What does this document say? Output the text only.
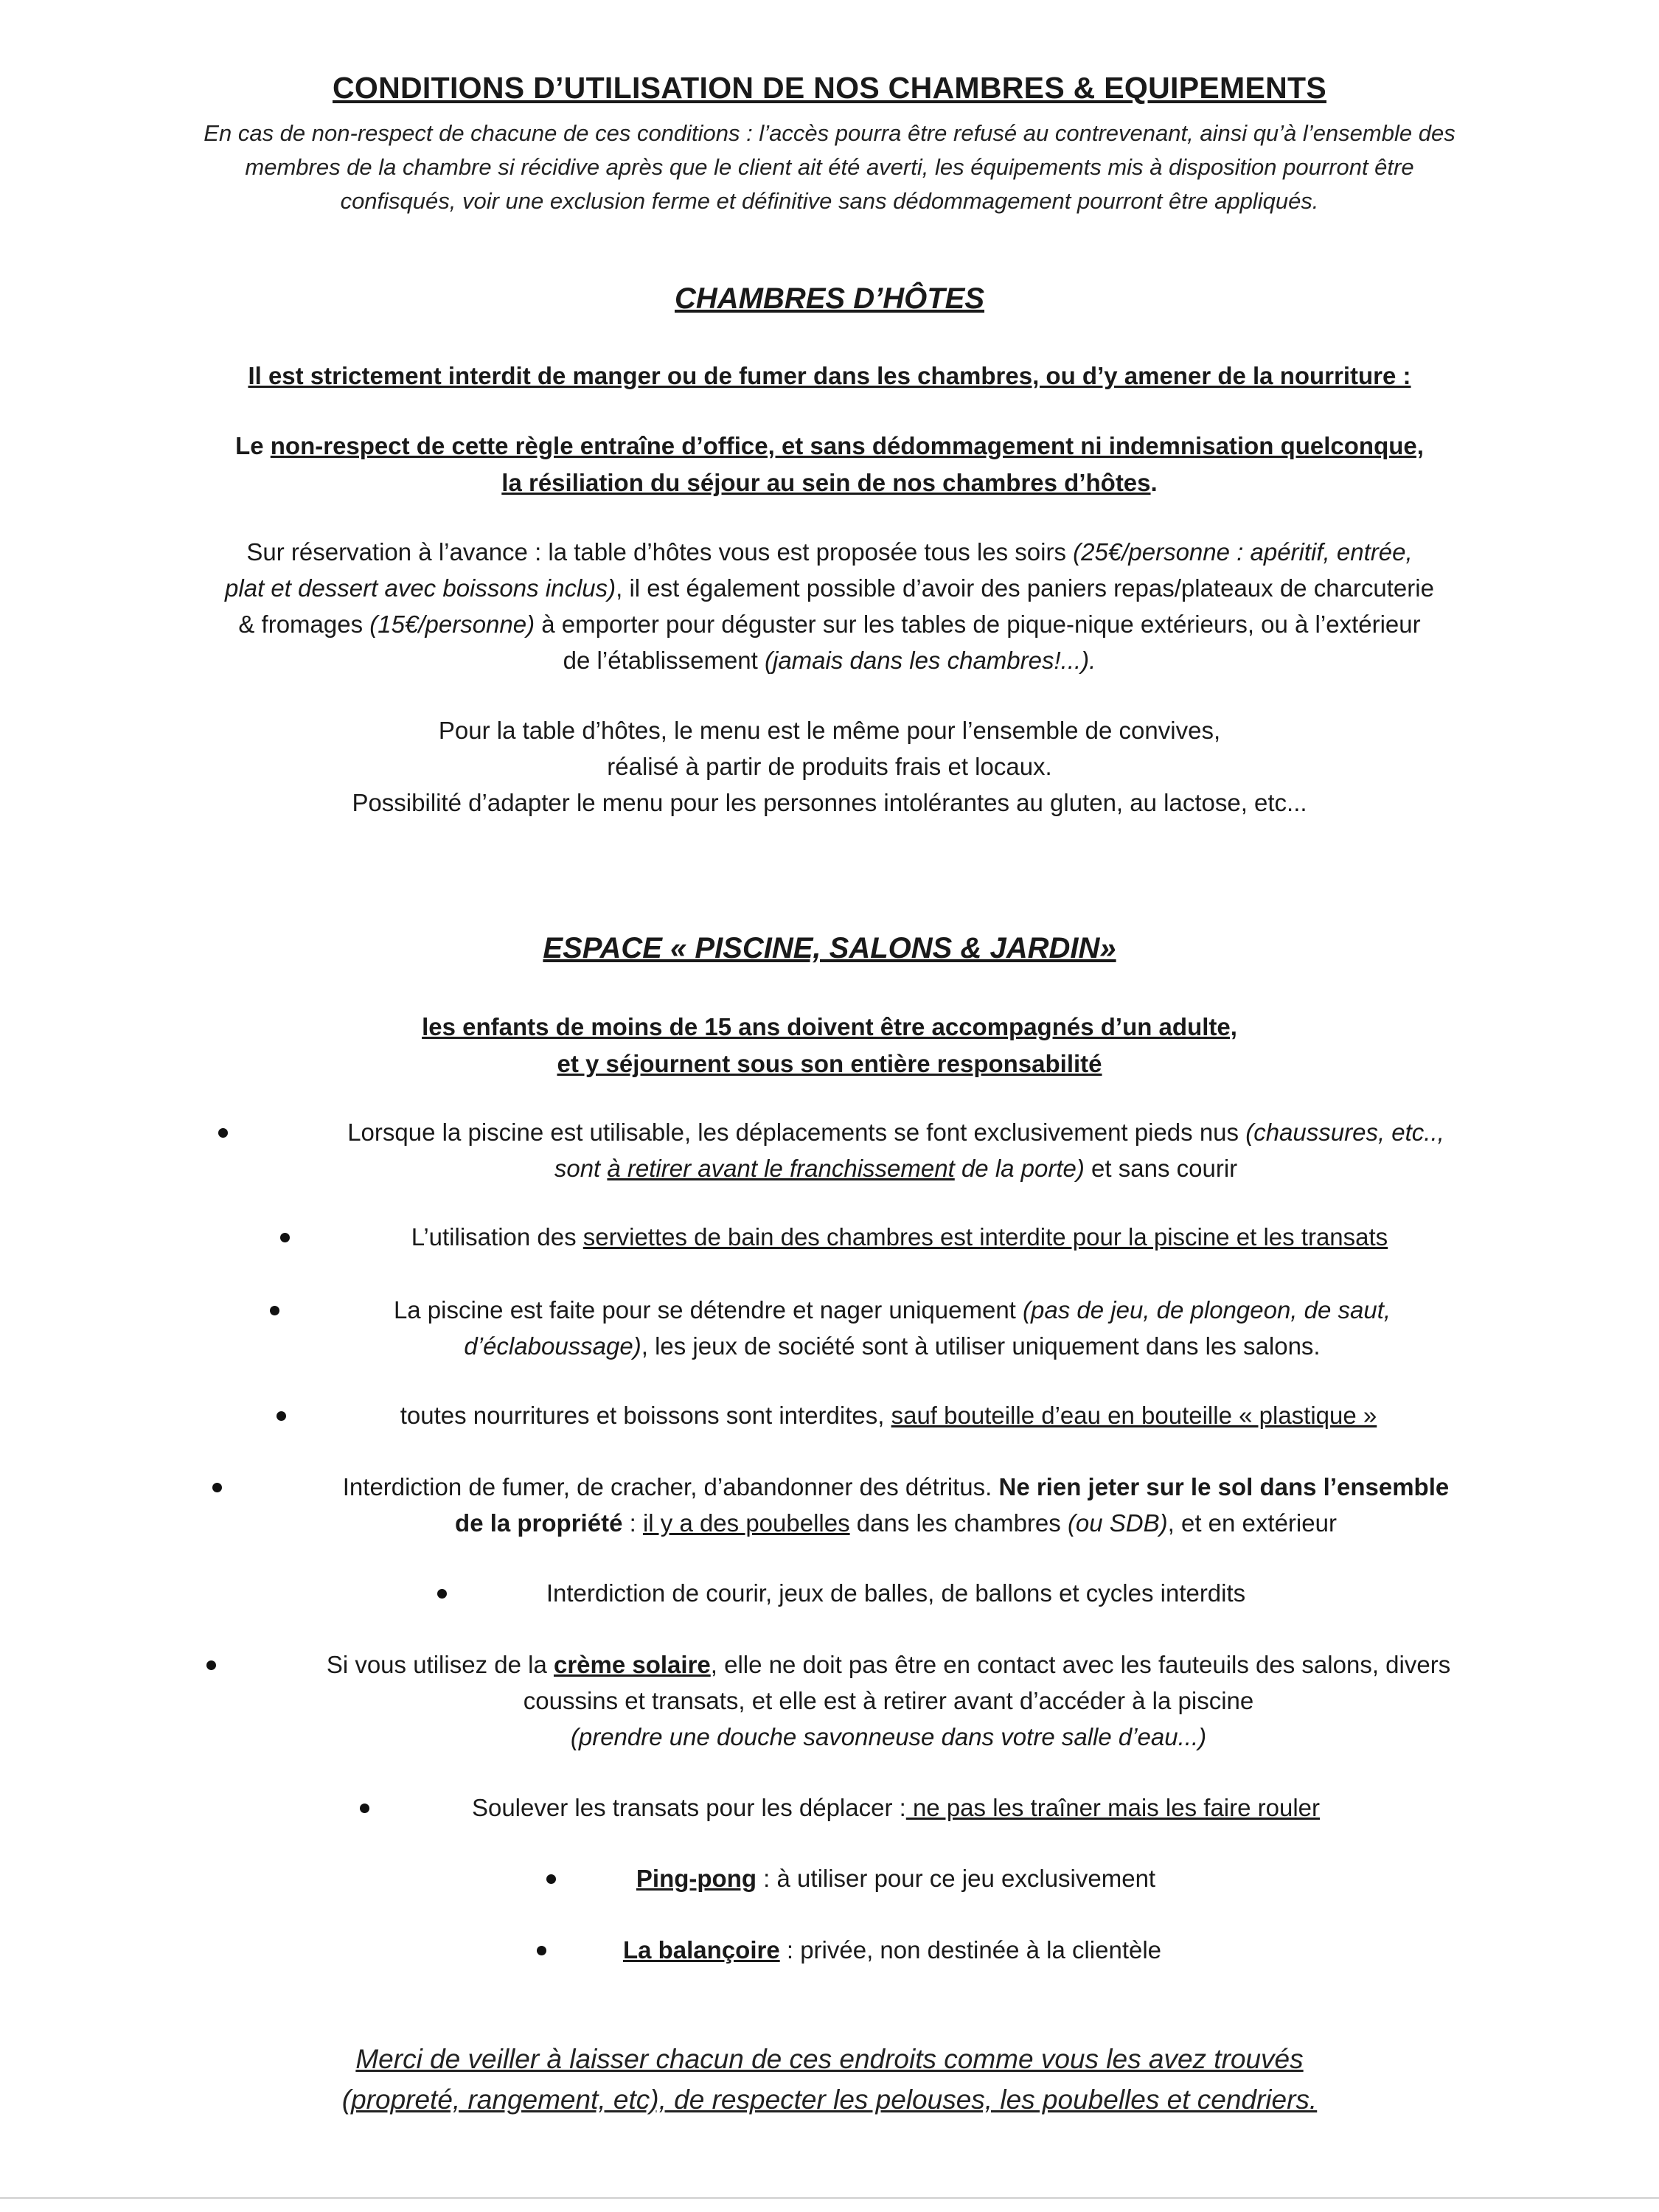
CONDITIONS D’UTILISATION DE NOS CHAMBRES & EQUIPEMENTS
En cas de non-respect de chacune de ces conditions : l’accès pourra être refusé au contrevenant, ainsi qu’à l’ensemble des
membres de la chambre si récidive après que le client ait été averti, les équipements mis à disposition pourront être
confisqués, voir une exclusion ferme et définitive sans dédommagement pourront être appliqués.
CHAMBRES D’HÔTES
Il est strictement interdit de manger ou de fumer dans les chambres, ou d’y amener de la nourriture :
Le non-respect de cette règle entraîne d’office, et sans dédommagement ni indemnisation quelconque,
la résiliation du séjour au sein de nos chambres d’hôtes.
Sur réservation à l’avance : la table d’hôtes vous est proposée tous les soirs (25€/personne : apéritif, entrée,
plat et dessert avec boissons inclus), il est également possible d’avoir des paniers repas/plateaux de charcuterie
& fromages (15€/personne) à emporter pour déguster sur les tables de pique-nique extérieurs, ou à l’extérieur
de l’établissement (jamais dans les chambres!...).
Pour la table d’hôtes, le menu est le même pour l’ensemble de convives,
réalisé à partir de produits frais et locaux.
Possibilité d’adapter le menu pour les personnes intolérantes au gluten, au lactose, etc...
ESPACE « PISCINE, SALONS & JARDIN»
les enfants de moins de 15 ans doivent être accompagnés d’un adulte,
et y séjournent sous son entière responsabilité
Lorsque la piscine est utilisable, les déplacements se font exclusivement pieds nus (chaussures, etc..,
sont à retirer avant le franchissement de la porte) et sans courir
L’utilisation des serviettes de bain des chambres est interdite pour la piscine et les transats
La piscine est faite pour se détendre et nager uniquement (pas de jeu, de plongeon, de saut,
d’éclaboussage), les jeux de société sont à utiliser uniquement dans les salons.
toutes nourritures et boissons sont interdites, sauf bouteille d’eau en bouteille « plastique »
Interdiction de fumer, de cracher, d’abandonner des détritus. Ne rien jeter sur le sol dans l’ensemble
de la propriété : il y a des poubelles dans les chambres (ou SDB), et en extérieur
Interdiction de courir, jeux de balles, de ballons et cycles interdits
Si vous utilisez de la crème solaire, elle ne doit pas être en contact avec les fauteuils des salons, divers
coussins et transats, et elle est à retirer avant d’accéder à la piscine
(prendre une douche savonneuse dans votre salle d’eau...)
Soulever les transats pour les déplacer : ne pas les traîner mais les faire rouler
Ping-pong : à utiliser pour ce jeu exclusivement
La balançoire : privée, non destinée à la clientèle
Merci de veiller à laisser chacun de ces endroits comme vous les avez trouvés
(propreté, rangement, etc), de respecter les pelouses, les poubelles et cendriers.
